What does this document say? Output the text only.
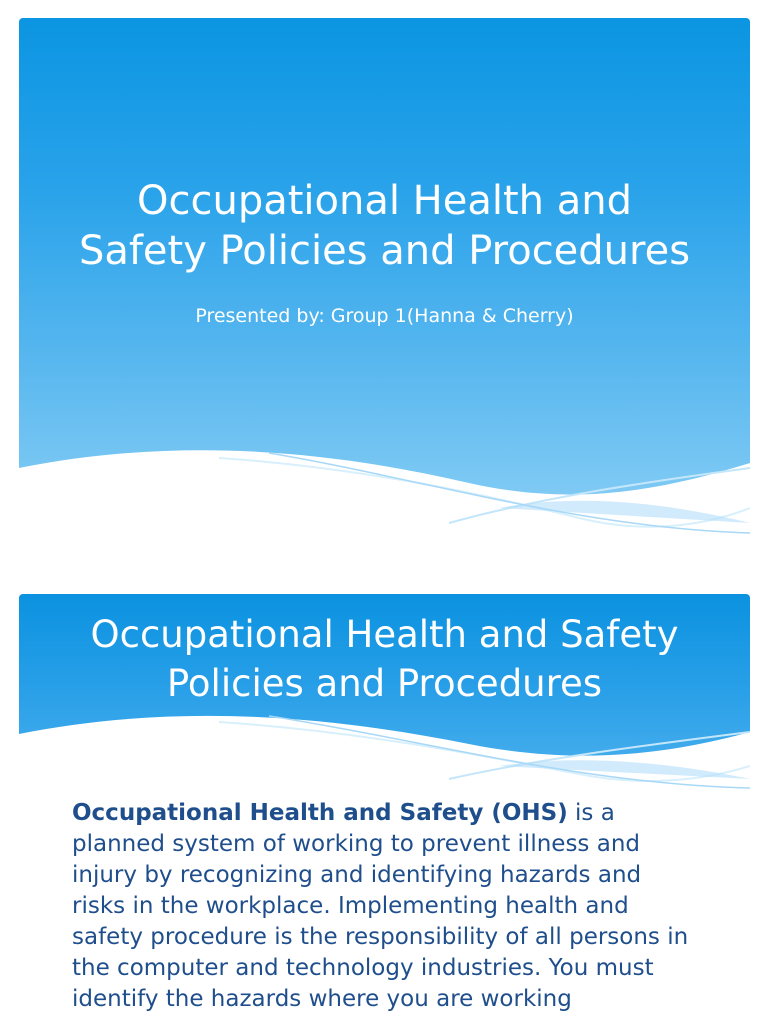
Occupational Health and
Safety Policies and Procedures
Presented by: Group 1(Hanna & Cherry)
Occupational Health and Safety
Policies and Procedures

Occupational Health and Safety (OHS) is a planned system of working to prevent illness and injury by recognizing and identifying hazards and risks in the workplace. Implementing health and safety procedure is the responsibility of all persons in the computer and technology industries. You must identify the hazards where you are working
